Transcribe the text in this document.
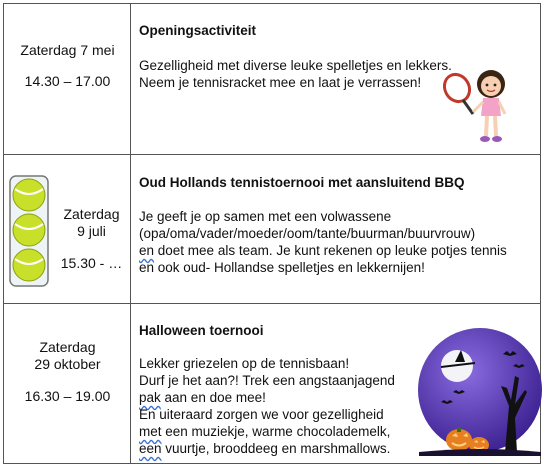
Zaterdag 7 mei
14.30 – 17.00
Openingsactiviteit
Gezelligheid met diverse leuke spelletjes en lekkers.
Neem je tennisracket mee en laat je verrassen!
Zaterdag
9 juli
15.30 - …
Oud Hollands tennistoernooi met aansluitend BBQ
Je geeft je op samen met een volwassene
(opa/oma/vader/moeder/oom/tante/buurman/buurvrouw)
en doet mee als team. Je kunt rekenen op leuke potjes tennis
en ook oud- Hollandse spelletjes en lekkernijen!
Zaterdag
29 oktober
16.30 – 19.00
Halloween toernooi
Lekker griezelen op de tennisbaan!
Durf je het aan?! Trek een angstaanjagend
pak aan en doe mee!
En uiteraard zorgen we voor gezelligheid
met een muziekje, warme chocolademelk,
een vuurtje, brooddeeg en marshmallows.
